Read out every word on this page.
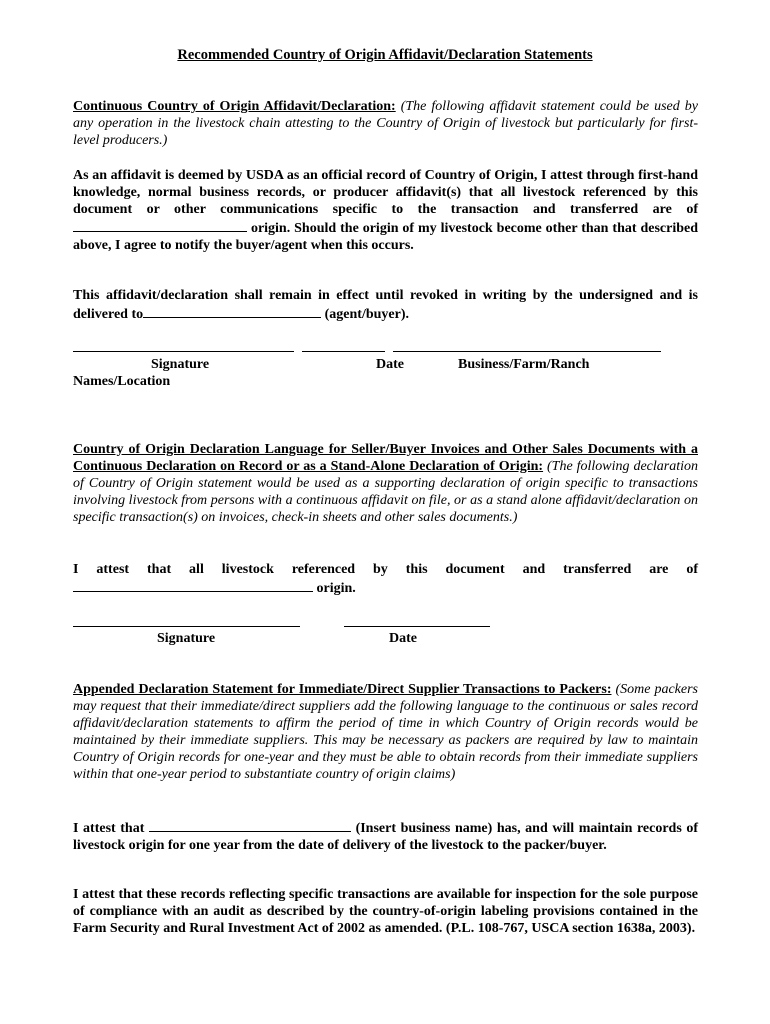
Recommended Country of Origin Affidavit/Declaration Statements
Continuous Country of Origin Affidavit/Declaration: (The following affidavit statement could be used by any operation in the livestock chain attesting to the Country of Origin of livestock but particularly for first-level producers.)
As an affidavit is deemed by USDA as an official record of Country of Origin, I attest through first-hand knowledge, normal business records, or producer affidavit(s) that all livestock referenced by this document or other communications specific to the transaction and transferred are of  origin. Should the origin of my livestock become other than that described above, I agree to notify the buyer/agent when this occurs.
This affidavit/declaration shall remain in effect until revoked in writing by the undersigned and is delivered to	(agent/buyer).
Signature	Date	Business/Farm/Ranch
Names/Location
Country of Origin Declaration Language for Seller/Buyer Invoices and Other Sales Documents with a Continuous Declaration on Record or as a Stand-Alone Declaration of Origin: (The following declaration of Country of Origin statement would be used as a supporting declaration of origin specific to transactions involving livestock from persons with a continuous affidavit on file, or as a stand alone affidavit/declaration on specific transaction(s) on invoices, check-in sheets and other sales documents.)
I attest that all livestock referenced by this document and transferred are of origin.
Signature	Date
Appended Declaration Statement for Immediate/Direct Supplier Transactions to Packers: (Some packers may request that their immediate/direct suppliers add the following language to the continuous or sales record affidavit/declaration statements to affirm the period of time in which Country of Origin records would be maintained by their immediate suppliers. This may be necessary as packers are required by law to maintain Country of Origin records for one-year and they must be able to obtain records from their immediate suppliers within that one-year period to substantiate country of origin claims)
I attest that	(Insert business name) has, and will maintain records of livestock origin for one year from the date of delivery of the livestock to the packer/buyer.
I attest that these records reflecting specific transactions are available for inspection for the sole purpose of compliance with an audit as described by the country-of-origin labeling provisions contained in the Farm Security and Rural Investment Act of 2002 as amended. (P.L. 108-767, USCA section 1638a, 2003).
